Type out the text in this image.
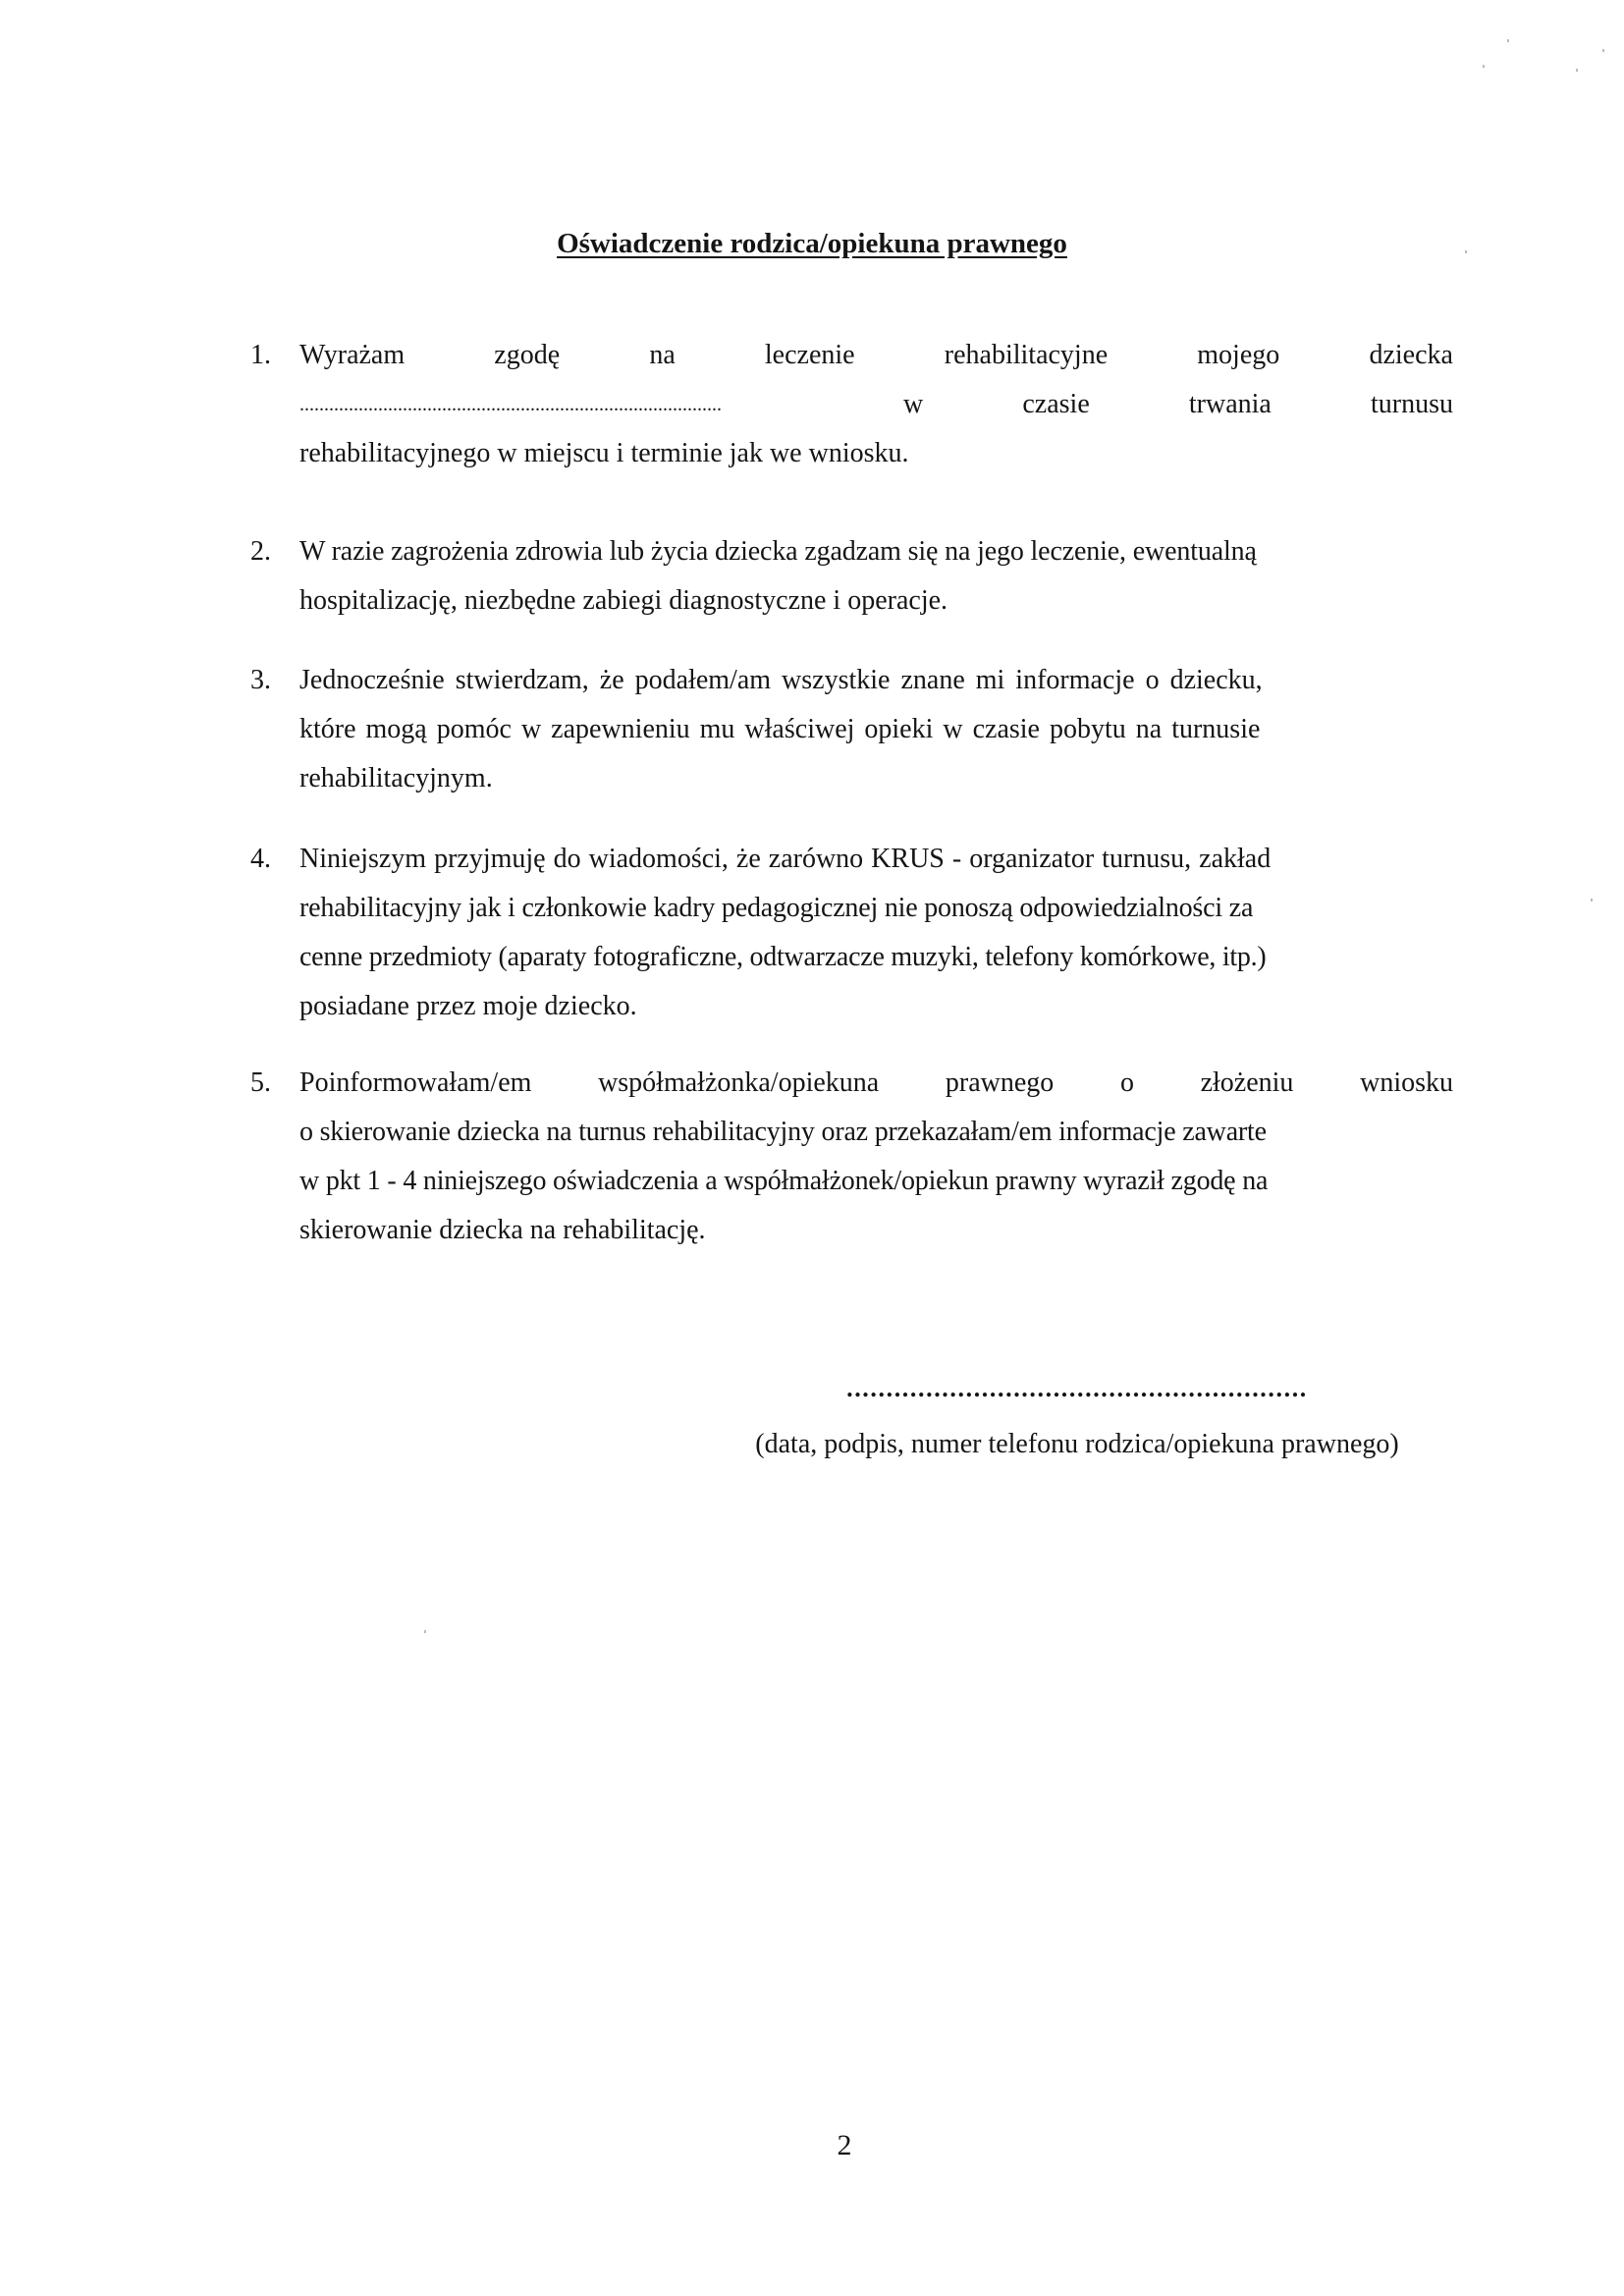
Oświadczenie rodzica/opiekuna prawnego
1. Wyrażam	zgodę	na	leczenie	rehabilitacyjne	mojego	dziecka
......................................................................................	w	czasie	trwania	turnusu
rehabilitacyjnego w miejscu i terminie jak we wniosku.
2. W razie zagrożenia zdrowia lub życia dziecka zgadzam się na jego leczenie, ewentualną
hospitalizację, niezbędne zabiegi diagnostyczne i operacje.
3. Jednocześnie stwierdzam, że podałem/am wszystkie znane mi informacje o dziecku,
które mogą pomóc w zapewnieniu mu właściwej opieki w czasie pobytu na turnusie
rehabilitacyjnym.
4. Niniejszym przyjmuję do wiadomości, że zarówno KRUS - organizator turnusu, zakład
rehabilitacyjny jak i członkowie kadry pedagogicznej nie ponoszą odpowiedzialności za
cenne przedmioty (aparaty fotograficzne, odtwarzacze muzyki, telefony komórkowe, itp.)
posiadane przez moje dziecko.
5. Poinformowałam/em współmałżonka/opiekuna prawnego o złożeniu wniosku
o skierowanie dziecka na turnus rehabilitacyjny oraz przekazałam/em informacje zawarte
w pkt 1 - 4 niniejszego oświadczenia a współmałżonek/opiekun prawny wyraził zgodę na
skierowanie dziecka na rehabilitację.
..........................................................
(data, podpis, numer telefonu rodzica/opiekuna prawnego)
2
